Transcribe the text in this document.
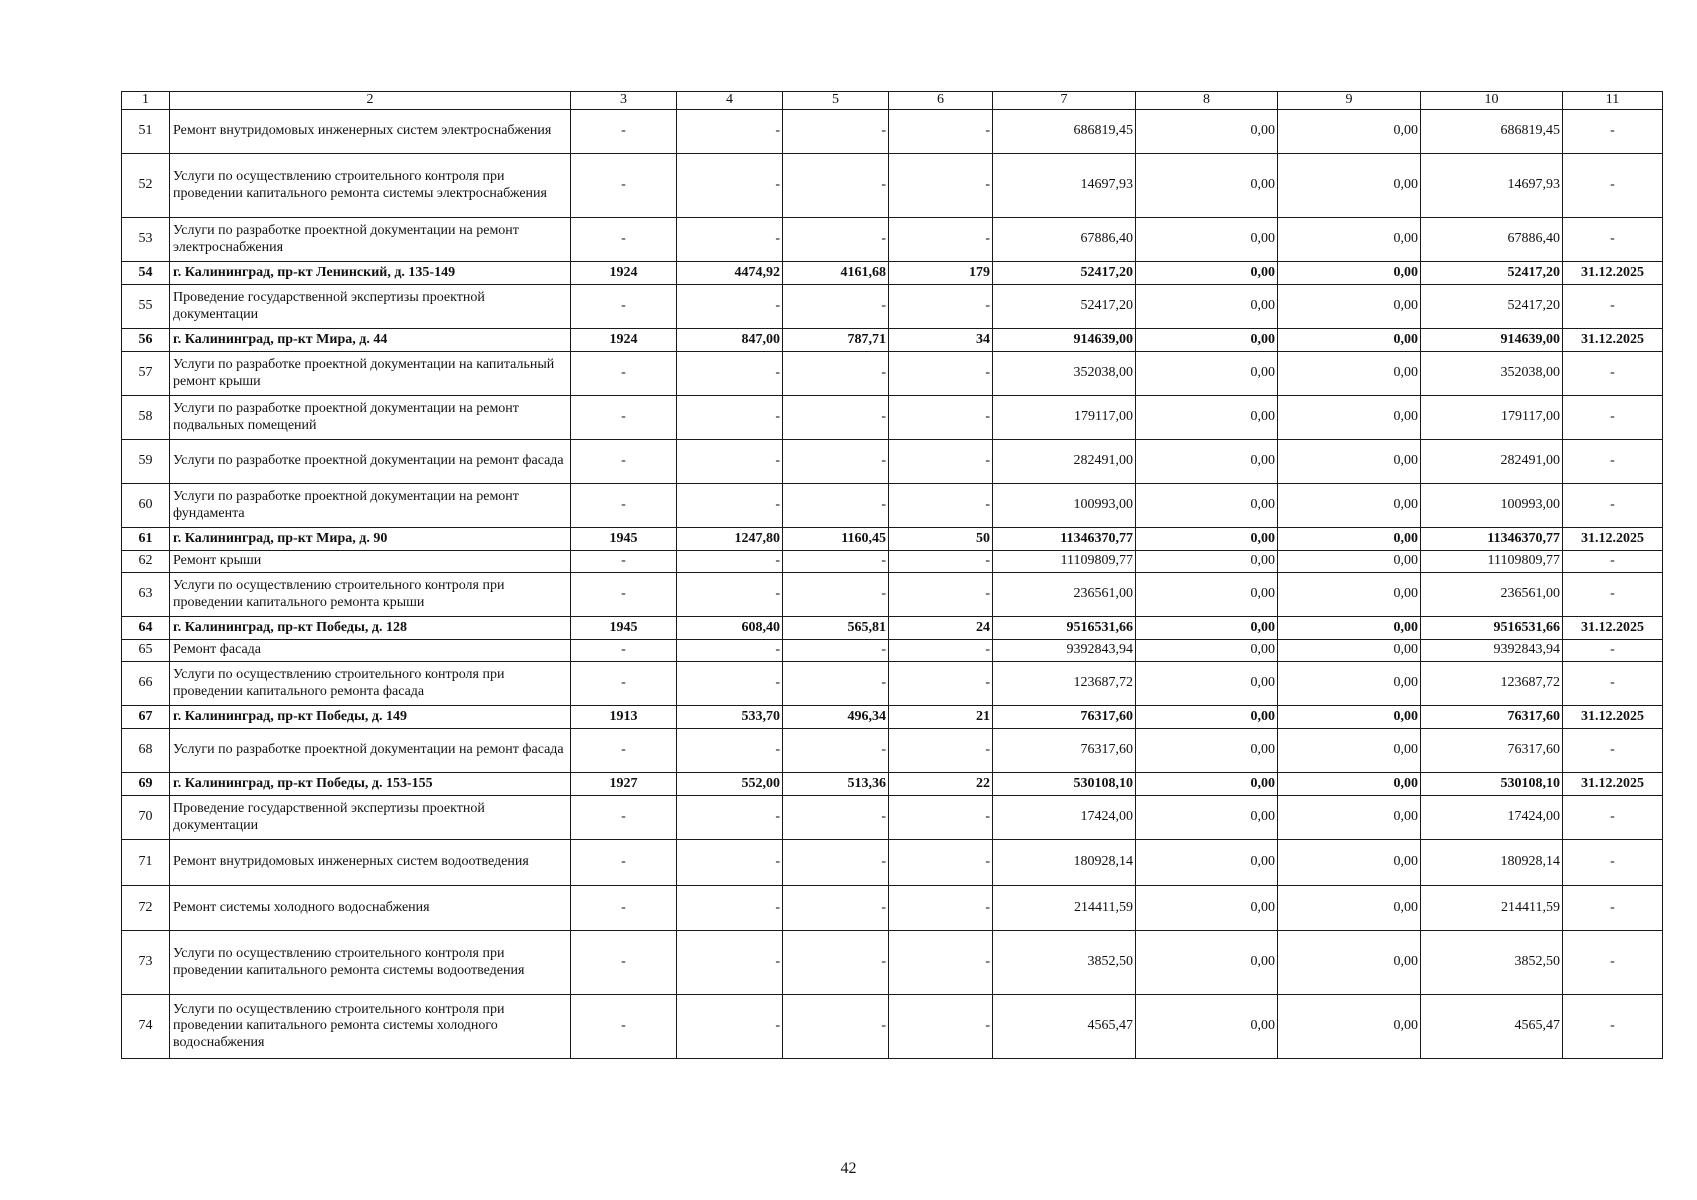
1	2	3	4	5	6	7	8	9	10	11
51	Ремонт внутридомовых инженерных систем электроснабжения	-	-	-	-	686819,45	0,00	0,00	686819,45	-
52	Услуги по осуществлению строительного контроля при проведении капитального ремонта системы электроснабжения	-	-	-	-	14697,93	0,00	0,00	14697,93	-
53	Услуги по разработке проектной документации на ремонт электроснабжения	-	-	-	-	67886,40	0,00	0,00	67886,40	-
54	г. Калининград, пр-кт Ленинский, д. 135-149	1924	4474,92	4161,68	179	52417,20	0,00	0,00	52417,20	31.12.2025
55	Проведение государственной экспертизы проектной документации	-	-	-	-	52417,20	0,00	0,00	52417,20	-
56	г. Калининград, пр-кт Мира, д. 44	1924	847,00	787,71	34	914639,00	0,00	0,00	914639,00	31.12.2025
57	Услуги по разработке проектной документации на капитальный ремонт крыши	-	-	-	-	352038,00	0,00	0,00	352038,00	-
58	Услуги по разработке проектной документации на ремонт подвальных помещений	-	-	-	-	179117,00	0,00	0,00	179117,00	-
59	Услуги по разработке проектной документации на ремонт фасада	-	-	-	-	282491,00	0,00	0,00	282491,00	-
60	Услуги по разработке проектной документации на ремонт фундамента	-	-	-	-	100993,00	0,00	0,00	100993,00	-
61	г. Калининград, пр-кт Мира, д. 90	1945	1247,80	1160,45	50	11346370,77	0,00	0,00	11346370,77	31.12.2025
62	Ремонт крыши	-	-	-	-	11109809,77	0,00	0,00	11109809,77	-
63	Услуги по осуществлению строительного контроля при проведении капитального ремонта крыши	-	-	-	-	236561,00	0,00	0,00	236561,00	-
64	г. Калининград, пр-кт Победы, д. 128	1945	608,40	565,81	24	9516531,66	0,00	0,00	9516531,66	31.12.2025
65	Ремонт фасада	-	-	-	-	9392843,94	0,00	0,00	9392843,94	-
66	Услуги по осуществлению строительного контроля при проведении капитального ремонта фасада	-	-	-	-	123687,72	0,00	0,00	123687,72	-
67	г. Калининград, пр-кт Победы, д. 149	1913	533,70	496,34	21	76317,60	0,00	0,00	76317,60	31.12.2025
68	Услуги по разработке проектной документации на ремонт фасада	-	-	-	-	76317,60	0,00	0,00	76317,60	-
69	г. Калининград, пр-кт Победы, д. 153-155	1927	552,00	513,36	22	530108,10	0,00	0,00	530108,10	31.12.2025
70	Проведение государственной экспертизы проектной документации	-	-	-	-	17424,00	0,00	0,00	17424,00	-
71	Ремонт внутридомовых инженерных систем водоотведения	-	-	-	-	180928,14	0,00	0,00	180928,14	-
72	Ремонт системы холодного водоснабжения	-	-	-	-	214411,59	0,00	0,00	214411,59	-
73	Услуги по осуществлению строительного контроля при проведении капитального ремонта системы водоотведения	-	-	-	-	3852,50	0,00	0,00	3852,50	-
74	Услуги по осуществлению строительного контроля при проведении капитального ремонта системы холодного водоснабжения	-	-	-	-	4565,47	0,00	0,00	4565,47	-
42
